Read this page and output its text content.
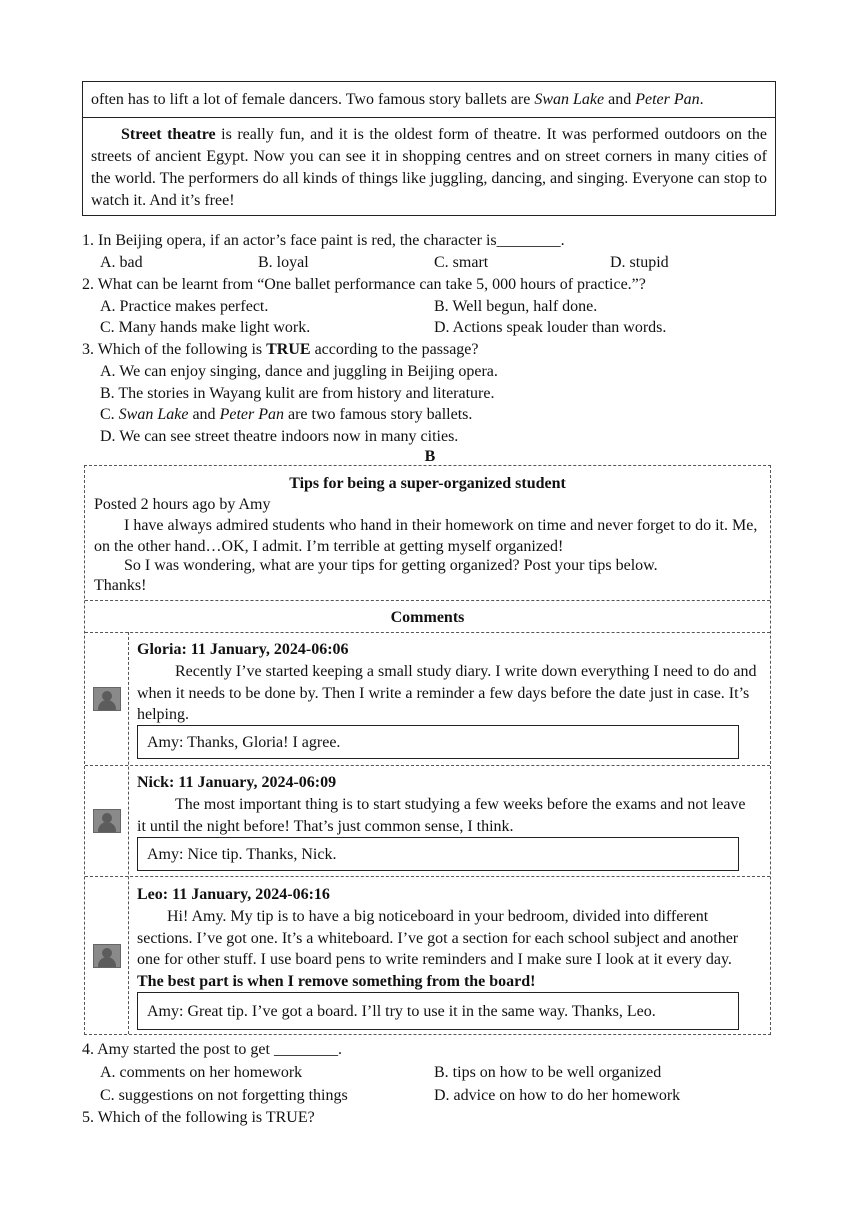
often has to lift a lot of female dancers. Two famous story ballets are Swan Lake and Peter Pan.
Street theatre is really fun, and it is the oldest form of theatre. It was performed outdoors on the streets of ancient Egypt. Now you can see it in shopping centres and on street corners in many cities of the world. The performers do all kinds of things like juggling, dancing, and singing. Everyone can stop to watch it. And it’s free!
1. In Beijing opera, if an actor’s face paint is red, the character is________.
A. bad	B. loyal	C. smart	D. stupid
2. What can be learnt from “One ballet performance can take 5, 000 hours of practice.”?
A. Practice makes perfect.	B. Well begun, half done.
C. Many hands make light work.	D. Actions speak louder than words.
3. Which of the following is TRUE according to the passage?
A. We can enjoy singing, dance and juggling in Beijing opera.
B. The stories in Wayang kulit are from history and literature.
C. Swan Lake and Peter Pan are two famous story ballets.
D. We can see street theatre indoors now in many cities.
B
Tips for being a super-organized student
Posted 2 hours ago by Amy
I have always admired students who hand in their homework on time and never forget to do it. Me, on the other hand…OK, I admit. I’m terrible at getting myself organized!
So I was wondering, what are your tips for getting organized? Post your tips below.
Thanks!
Comments
Gloria: 11 January, 2024-06:06
Recently I’ve started keeping a small study diary. I write down everything I need to do and when it needs to be done by. Then I write a reminder a few days before the date just in case. It’s helping.
Amy: Thanks, Gloria! I agree.
Nick: 11 January, 2024-06:09
The most important thing is to start studying a few weeks before the exams and not leave it until the night before! That’s just common sense, I think.
Amy: Nice tip. Thanks, Nick.
Leo: 11 January, 2024-06:16
Hi! Amy. My tip is to have a big noticeboard in your bedroom, divided into different sections. I’ve got one. It’s a whiteboard. I’ve got a section for each school subject and another one for other stuff. I use board pens to write reminders and I make sure I look at it every day. The best part is when I remove something from the board!
Amy: Great tip. I’ve got a board. I’ll try to use it in the same way. Thanks, Leo.
4. Amy started the post to get ________.
A. comments on her homework	B. tips on how to be well organized
C. suggestions on not forgetting things	D. advice on how to do her homework
5. Which of the following is TRUE?
